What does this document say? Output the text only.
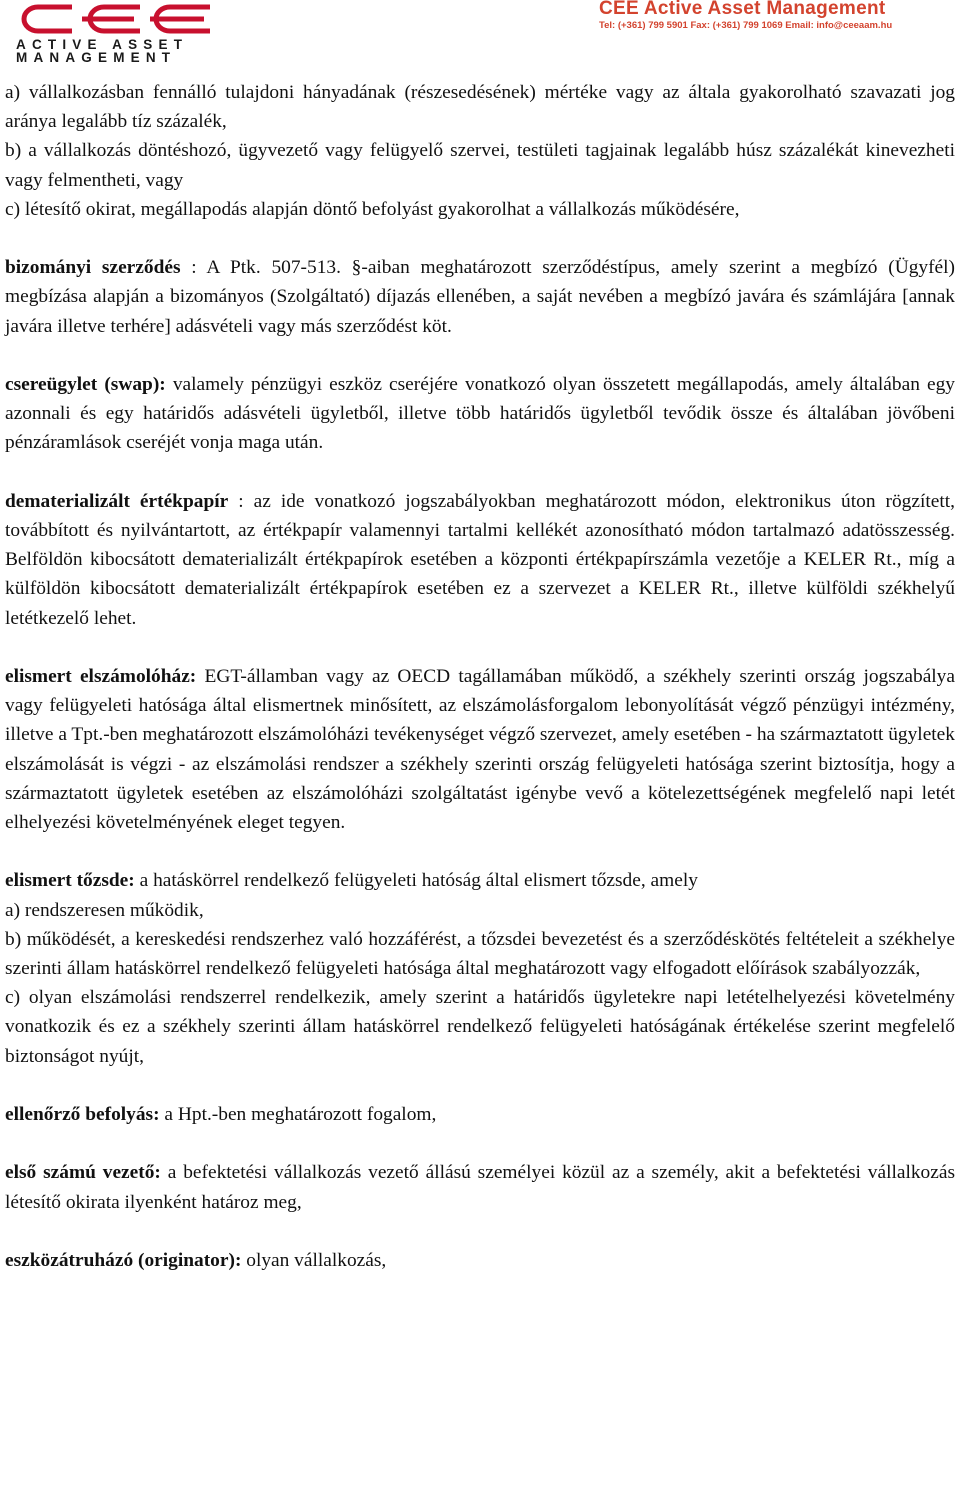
ACTIVE ASSET
MANAGEMENT
CEE Active Asset Management
Tel: (+361) 799 5901 Fax: (+361) 799 1069 Email: info@ceeaam.hu
a) vállalkozásban fennálló tulajdoni hányadának (részesedésének) mértéke vagy az általa gyakorolható szavazati jog aránya legalább tíz százalék,
b) a vállalkozás döntéshozó, ügyvezető vagy felügyelő szervei, testületi tagjainak legalább húsz százalékát kinevezheti vagy felmentheti, vagy
c) létesítő okirat, megállapodás alapján döntő befolyást gyakorolhat a vállalkozás működésére,
bizományi szerződés : A Ptk. 507-513. §-aiban meghatározott szerződéstípus, amely szerint a megbízó (Ügyfél) megbízása alapján a bizományos (Szolgáltató) díjazás ellenében, a saját nevében a megbízó javára és számlájára [annak javára illetve terhére] adásvételi vagy más szerződést köt.
csereügylet (swap): valamely pénzügyi eszköz cseréjére vonatkozó olyan összetett megállapodás, amely általában egy azonnali és egy határidős adásvételi ügyletből, illetve több határidős ügyletből tevődik össze és általában jövőbeni pénzáramlások cseréjét vonja maga után.
dematerializált értékpapír : az ide vonatkozó jogszabályokban meghatározott módon, elektronikus úton rögzített, továbbított és nyilvántartott, az értékpapír valamennyi tartalmi kellékét azonosítható módon tartalmazó adatösszesség. Belföldön kibocsátott dematerializált értékpapírok esetében a központi értékpapírszámla vezetője a KELER Rt., míg a külföldön kibocsátott dematerializált értékpapírok esetében ez a szervezet a KELER Rt., illetve külföldi székhelyű letétkezelő lehet.
elismert elszámolóház: EGT-államban vagy az OECD tagállamában működő, a székhely szerinti ország jogszabálya vagy felügyeleti hatósága által elismertnek minősített, az elszámolásforgalom lebonyolítását végző pénzügyi intézmény, illetve a Tpt.-ben meghatározott elszámolóházi tevékenységet végző szervezet, amely esetében - ha származtatott ügyletek elszámolását is végzi - az elszámolási rendszer a székhely szerinti ország felügyeleti hatósága szerint biztosítja, hogy a származtatott ügyletek esetében az elszámolóházi szolgáltatást igénybe vevő a kötelezettségének megfelelő napi letét elhelyezési követelményének eleget tegyen.
elismert tőzsde: a hatáskörrel rendelkező felügyeleti hatóság által elismert tőzsde, amely
a) rendszeresen működik,
b) működését, a kereskedési rendszerhez való hozzáférést, a tőzsdei bevezetést és a szerződéskötés feltételeit a székhelye szerinti állam hatáskörrel rendelkező felügyeleti hatósága által meghatározott vagy elfogadott előírások szabályozzák,
c) olyan elszámolási rendszerrel rendelkezik, amely szerint a határidős ügyletekre napi letételhelyezési követelmény vonatkozik és ez a székhely szerinti állam hatáskörrel rendelkező felügyeleti hatóságának értékelése szerint megfelelő biztonságot nyújt,
ellenőrző befolyás: a Hpt.-ben meghatározott fogalom,
első számú vezető: a befektetési vállalkozás vezető állású személyei közül az a személy, akit a befektetési vállalkozás létesítő okirata ilyenként határoz meg,
eszközátruházó (originator): olyan vállalkozás,
